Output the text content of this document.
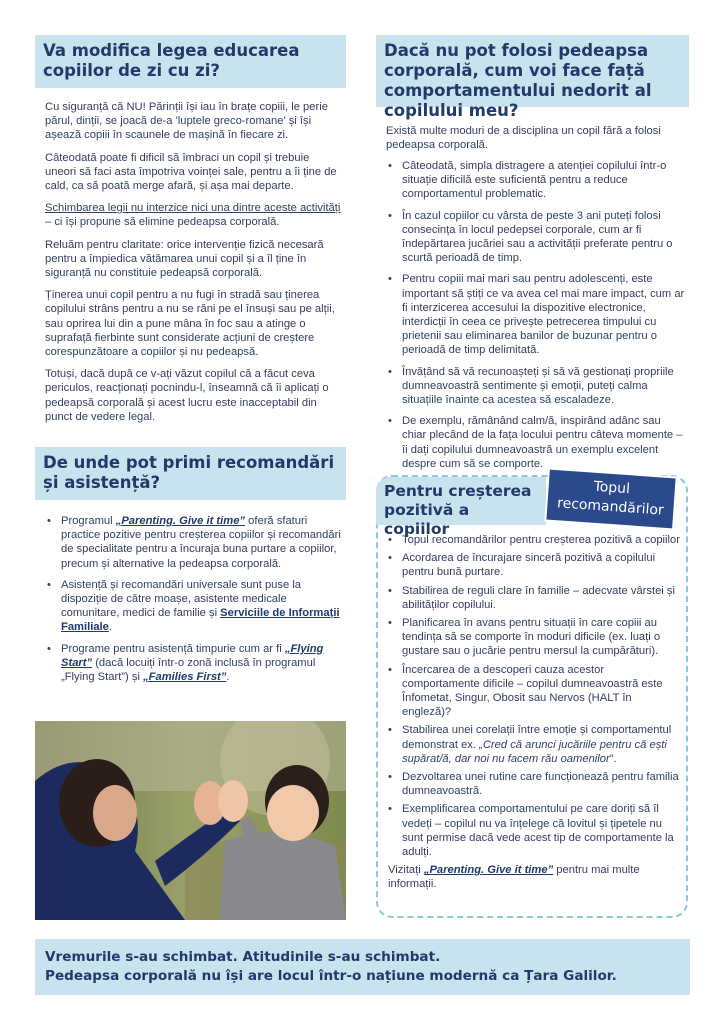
Va modifica legea educarea copiilor de zi cu zi?

Cu siguranță că NU! Părinții își iau în brațe copiii, le perie părul, dinții, se joacă de-a 'luptele greco-romane' și își așează copiii în scaunele de mașină în fiecare zi.

Câteodată poate fi dificil să îmbraci un copil și trebuie uneori să faci asta împotriva voinței sale, pentru a îi ține de cald, ca să poată merge afară, și așa mai departe.

Schimbarea legii nu interzice nici una dintre aceste activități – ci își propune să elimine pedeapsa corporală.

Reluăm pentru claritate: orice intervenție fizică necesară pentru a împiedica vătămarea unui copil și a îl ține în siguranță nu constituie pedeapsă corporală.

Ținerea unui copil pentru a nu fugi în stradă sau ținerea copilului strâns pentru a nu se răni pe el însuși sau pe alții, sau oprirea lui din a pune mâna în foc sau a atinge o suprafață fierbinte sunt considerate acțiuni de creștere corespunzătoare a copiilor și nu pedeapsă.

Totuși, dacă după ce v-ați văzut copilul că a făcut ceva periculos, reacționați pocnindu-l, înseamnă că îi aplicați o pedeapsă corporală și acest lucru este inacceptabil din punct de vedere legal.

De unde pot primi recomandări și asistență?
• Programul „Parenting. Give it time” oferă sfaturi practice pozitive pentru creșterea copiilor și recomandări de specialitate pentru a încuraja buna purtare a copiilor, precum și alternative la pedeapsa corporală.
• Asistență și recomandări universale sunt puse la dispoziție de către moașe, asistente medicale comunitare, medici de familie și Serviciile de Informații Familiale.
• Programe pentru asistență timpurie cum ar fi „Flying Start” (dacă locuiți într-o zonă inclusă în programul „Flying Start”) și „Families First”.
Dacă nu pot folosi pedeapsa corporală, cum voi face față comportamentului nedorit al copilului meu?

Există multe moduri de a disciplina un copil fără a folosi pedeapsa corporală.

• Câteodată, simpla distragere a atenției copilului într-o situație dificilă este suficientă pentru a reduce comportamentul problematic.
• În cazul copiilor cu vârsta de peste 3 ani puteți folosi consecința în locul pedepsei corporale, cum ar fi îndepărtarea jucăriei sau a activității preferate pentru o scurtă perioadă de timp.
• Pentru copiii mai mari sau pentru adolescenți, este important să știți ce va avea cel mai mare impact, cum ar fi interzicerea accesului la dispozitive electronice, interdicții în ceea ce privește petrecerea timpului cu prietenii sau eliminarea banilor de buzunar pentru o perioadă de timp delimitată.
• Învățând să vă recunoașteți și să vă gestionați propriile dumneavoastră sentimente și emoții, puteți calma situațiile înainte ca acestea să escaladeze.
• De exemplu, rămânând calm/ă, inspirând adânc sau chiar plecând de la fața locului pentru câteva momente – îi dați copilului dumneavoastră un exemplu excelent despre cum să se comporte.
Pentru creșterea pozitivă a copiilor
Topul recomandărilor
• Topul recomandărilor pentru creșterea pozitivă a copiilor
• Acordarea de încurajare sinceră pozitivă a copilului pentru bună purtare.
• Stabilirea de reguli clare în familie – adecvate vârstei și abilităților copilului.
• Planificarea în avans pentru situații în care copiii au tendința să se comporte în moduri dificile (ex. luați o gustare sau o jucărie pentru mersul la cumpărături).
• Încercarea de a descoperi cauza acestor comportamente dificile – copilul dumneavoastră este Înfometat, Singur, Obosit sau Nervos (HALT în engleză)?
• Stabilirea unei corelații între emoție și comportamentul demonstrat ex. „Cred că arunci jucăriile pentru că ești supărat/ă, dar noi nu facem rău oamenilor”.
• Dezvoltarea unei rutine care funcționează pentru familia dumneavoastră.
• Exemplificarea comportamentului pe care doriți să îl vedeți – copilul nu va înțelege că lovitul și țipetele nu sunt permise dacă vede acest tip de comportamente la adulți.
Vizitați „Parenting. Give it time” pentru mai multe informații.
Vremurile s-au schimbat. Atitudinile s-au schimbat.
Pedeapsa corporală nu își are locul într-o națiune modernă ca Țara Galilor.
